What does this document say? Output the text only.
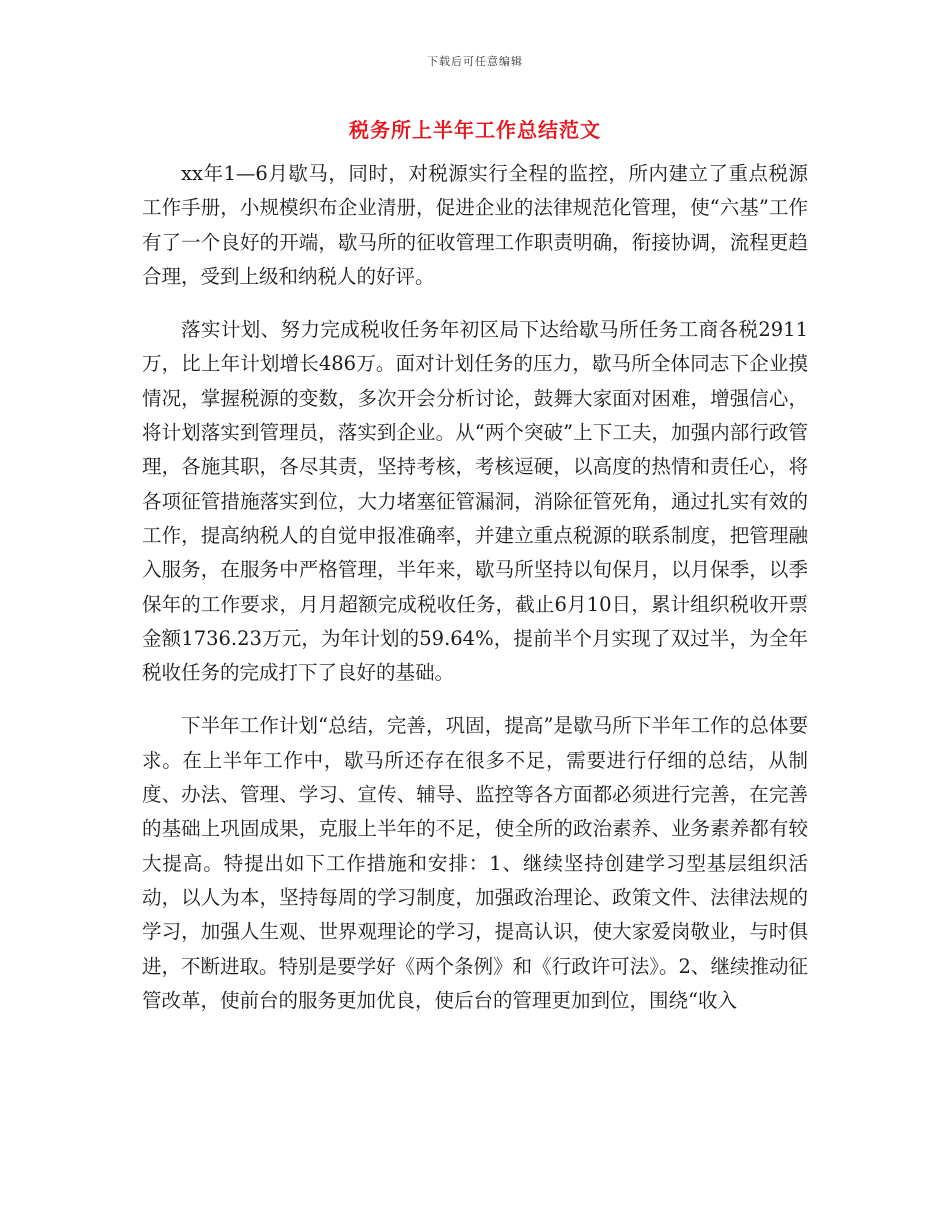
下载后可任意编辑
税务所上半年工作总结范文

xx年1—6月歇马，同时，对税源实行全程的监控，所内建立了重点税源工作手册，小规模织布企业清册，促进企业的法律规范化管理，使“六基”工作有了一个良好的开端，歇马所的征收管理工作职责明确，衔接协调，流程更趋合理，受到上级和纳税人的好评。

落实计划、努力完成税收任务年初区局下达给歇马所任务工商各税2911万，比上年计划增长486万。面对计划任务的压力，歇马所全体同志下企业摸情况，掌握税源的变数，多次开会分析讨论，鼓舞大家面对困难，增强信心，将计划落实到管理员，落实到企业。从“两个突破”上下工夫，加强内部行政管理，各施其职，各尽其责，坚持考核，考核逗硬，以高度的热情和责任心，将各项征管措施落实到位，大力堵塞征管漏洞，消除征管死角，通过扎实有效的工作，提高纳税人的自觉申报准确率，并建立重点税源的联系制度，把管理融入服务，在服务中严格管理，半年来，歇马所坚持以旬保月，以月保季，以季保年的工作要求，月月超额完成税收任务，截止6月10日，累计组织税收开票金额1736.23万元，为年计划的59.64%，提前半个月实现了双过半，为全年税收任务的完成打下了良好的基础。

下半年工作计划“总结，完善，巩固，提高”是歇马所下半年工作的总体要求。在上半年工作中，歇马所还存在很多不足，需要进行仔细的总结，从制度、办法、管理、学习、宣传、辅导、监控等各方面都必须进行完善，在完善的基础上巩固成果，克服上半年的不足，使全所的政治素养、业务素养都有较大提高。特提出如下工作措施和安排：1、继续坚持创建学习型基层组织活动，以人为本，坚持每周的学习制度，加强政治理论、政策文件、法律法规的学习，加强人生观、世界观理论的学习，提高认识，使大家爱岗敬业，与时俱进，不断进取。特别是要学好《两个条例》和《行政许可法》。2、继续推动征管改革，使前台的服务更加优良，使后台的管理更加到位，围绕“收入
